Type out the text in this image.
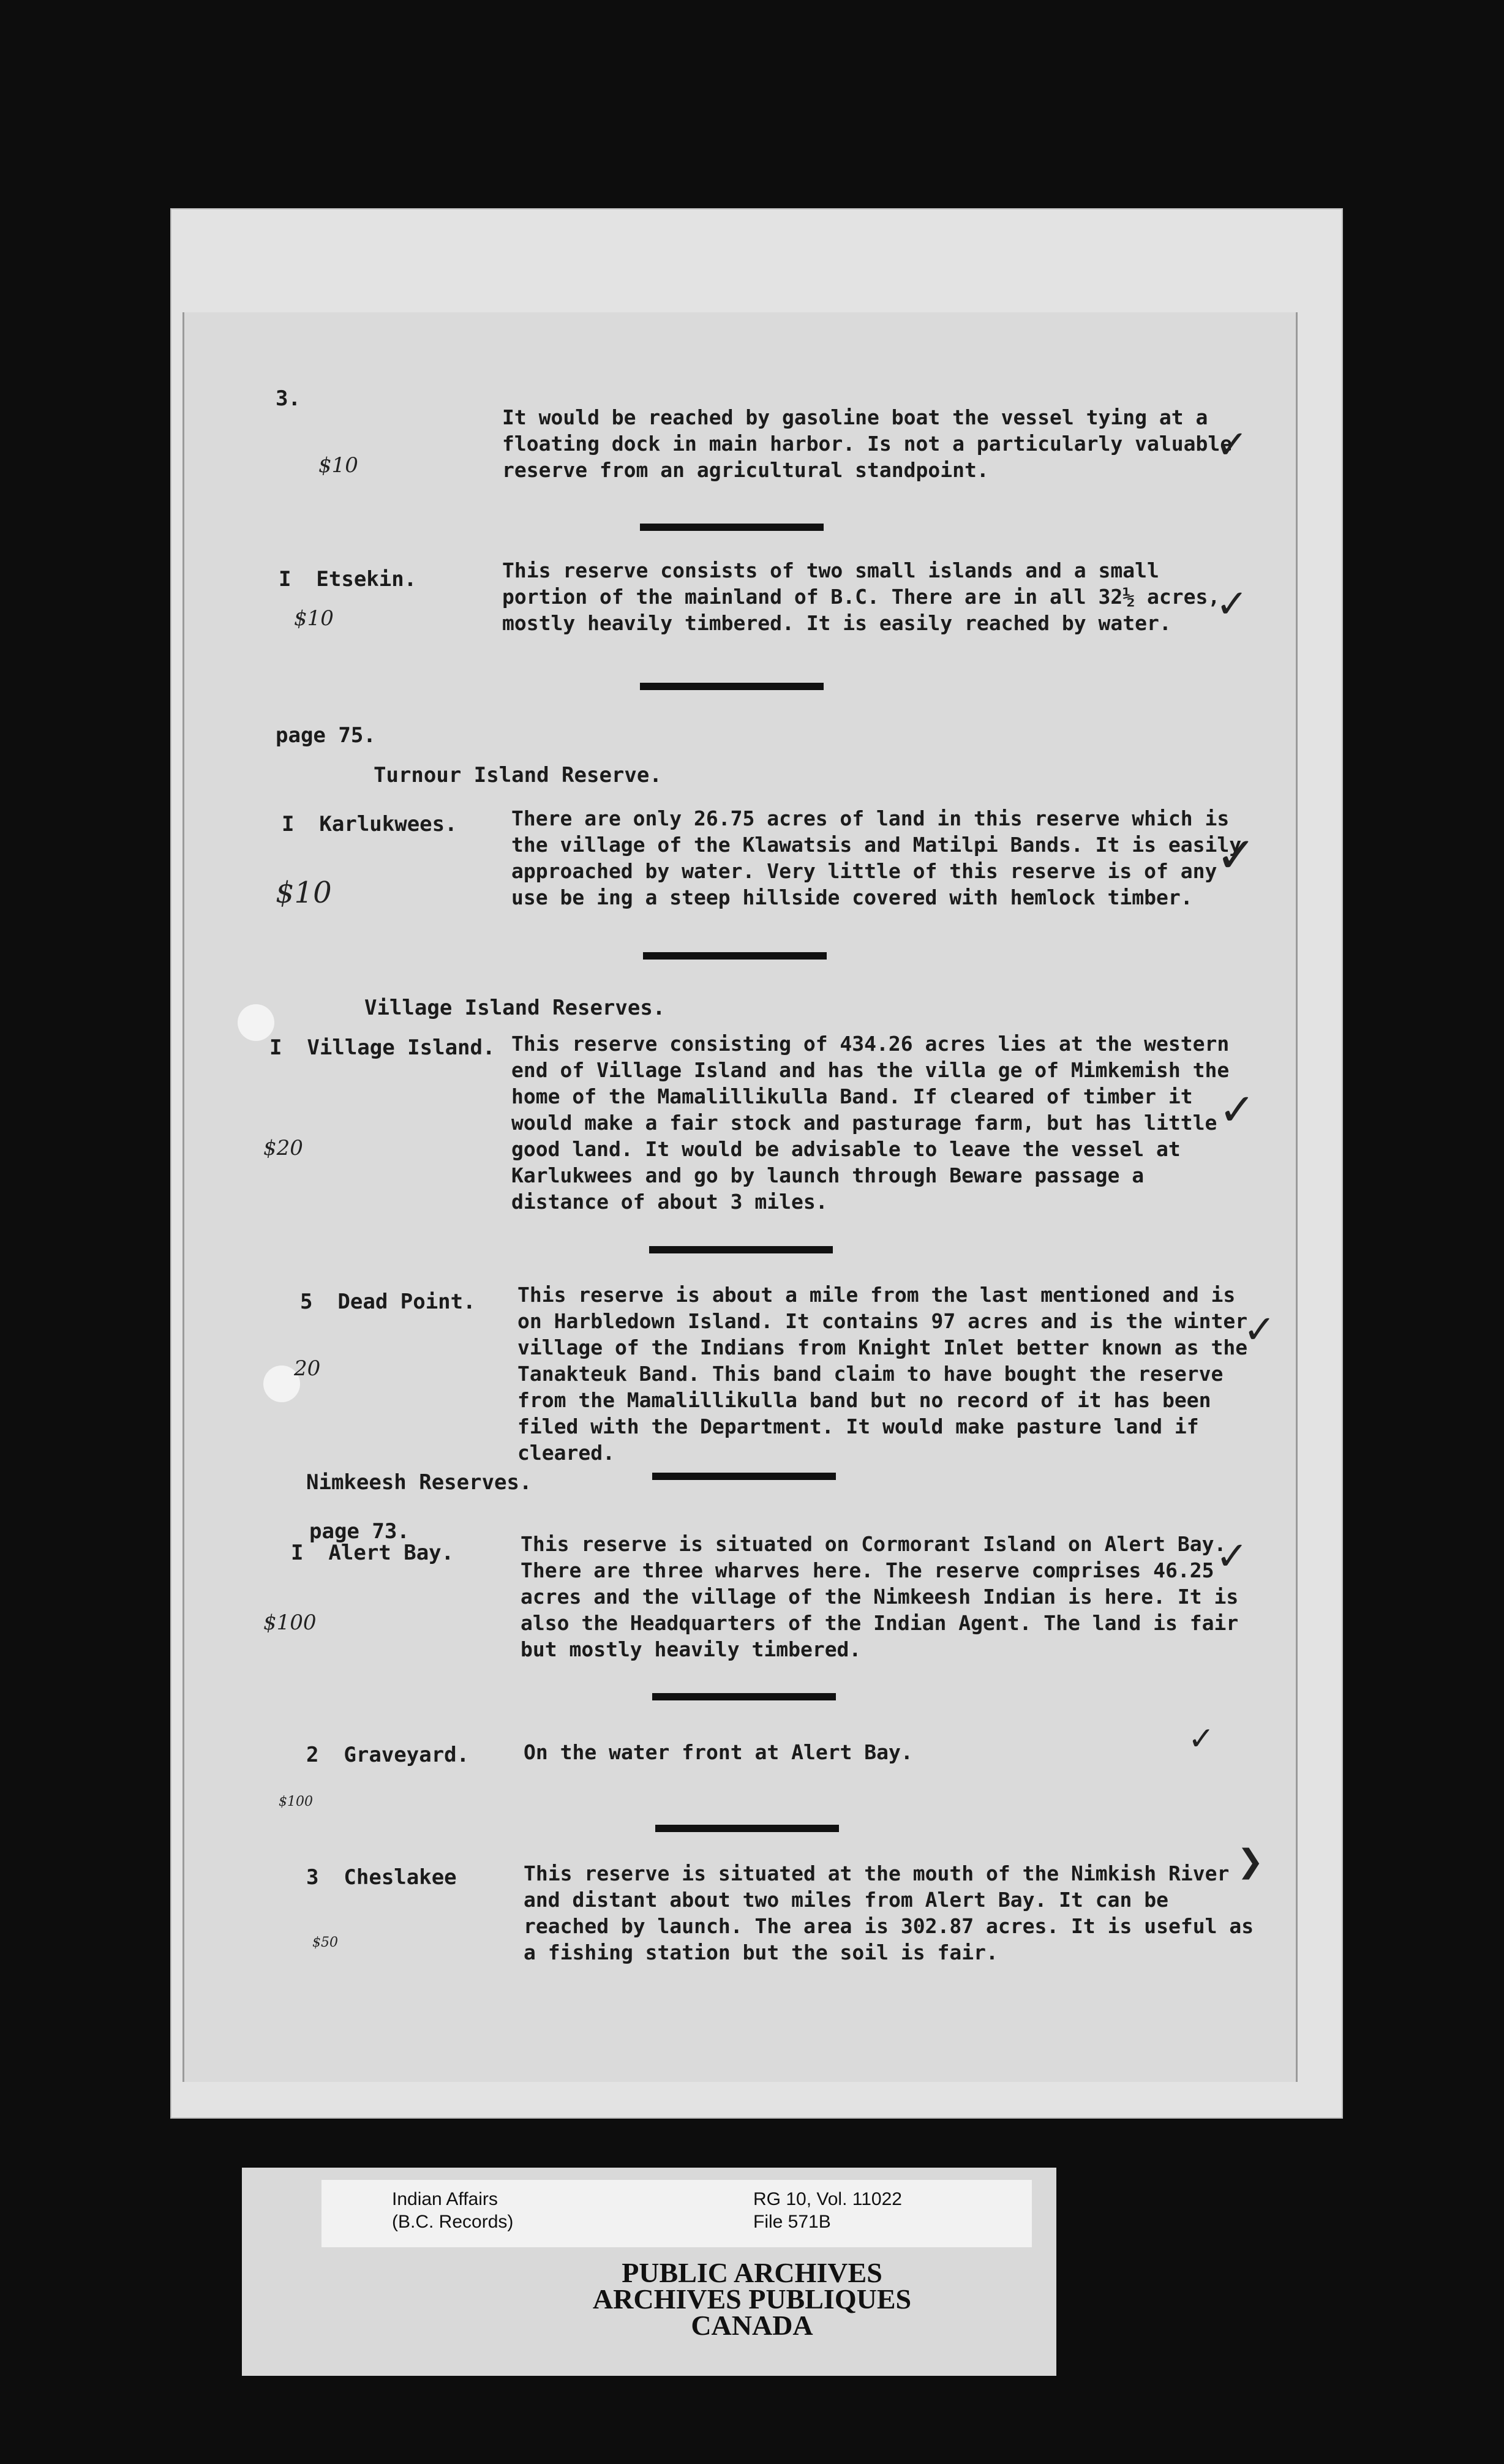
3.
It would be reached by gasoline boat the vessel tying at a floating dock in main harbor. Is not a particularly valuable reserve from an agricultural standpoint.
$10	✓
I  Etsekin.	This reserve consists of two small islands and a small portion of the mainland of B.C. There are in all 32½ acres, mostly heavily timbered. It is easily reached by water.
$10	✓
page 75.
Turnour Island Reserve.
I  Karlukwees.	There are only 26.75 acres of land in this reserve which is the village of the Klawatsis and Matilpi Bands. It is easily approached by water. Very little of this reserve is of any use be ing a steep hillside covered with hemlock timber.
$10
✓
Village Island Reserves.
I  Village Island. This reserve consisting of 434.26 acres lies at the western end of Village Island and has the villa ge of Mimkemish the home of the Mamalillikulla Band. If cleared of timber it would make a fair stock and pasturage farm, but has little good land. It would be advisable to leave the vessel at Karlukwees and go by launch through Beware passage a distance of about 3 miles.
$20
✓
5  Dead Point. This reserve is about a mile from the last mentioned and is on Harbledown Island. It contains 97 acres and is the winter village of the Indians from Knight Inlet better known as the Tanakteuk Band. This band claim to have bought the reserve from the Mamalillikulla band but no record of it has been filed with the Department. It would make pasture land if cleared.
20
✓
Nimkeesh Reserves.
page 73.
I  Alert Bay.	This reserve is situated on Cormorant Island on Alert Bay. There are three wharves here. The reserve comprises 46.25 acres and the village of the Nimkeesh Indian is here. It is also the Headquarters of the Indian Agent. The land is fair but mostly heavily timbered.
$100
✓
2  Graveyard.	On the water front at Alert Bay.
$100
✓
3  Cheslakee	This reserve is situated at the mouth of the Nimkish River and distant about two miles from Alert Bay. It can be reached by launch. The area is 302.87 acres. It is useful as a fishing station but the soil is fair.
$50
❯
Indian Affairs
(B.C. Records)
RG 10, Vol. 11022
File 571B
PUBLIC ARCHIVES
ARCHIVES PUBLIQUES
CANADA
